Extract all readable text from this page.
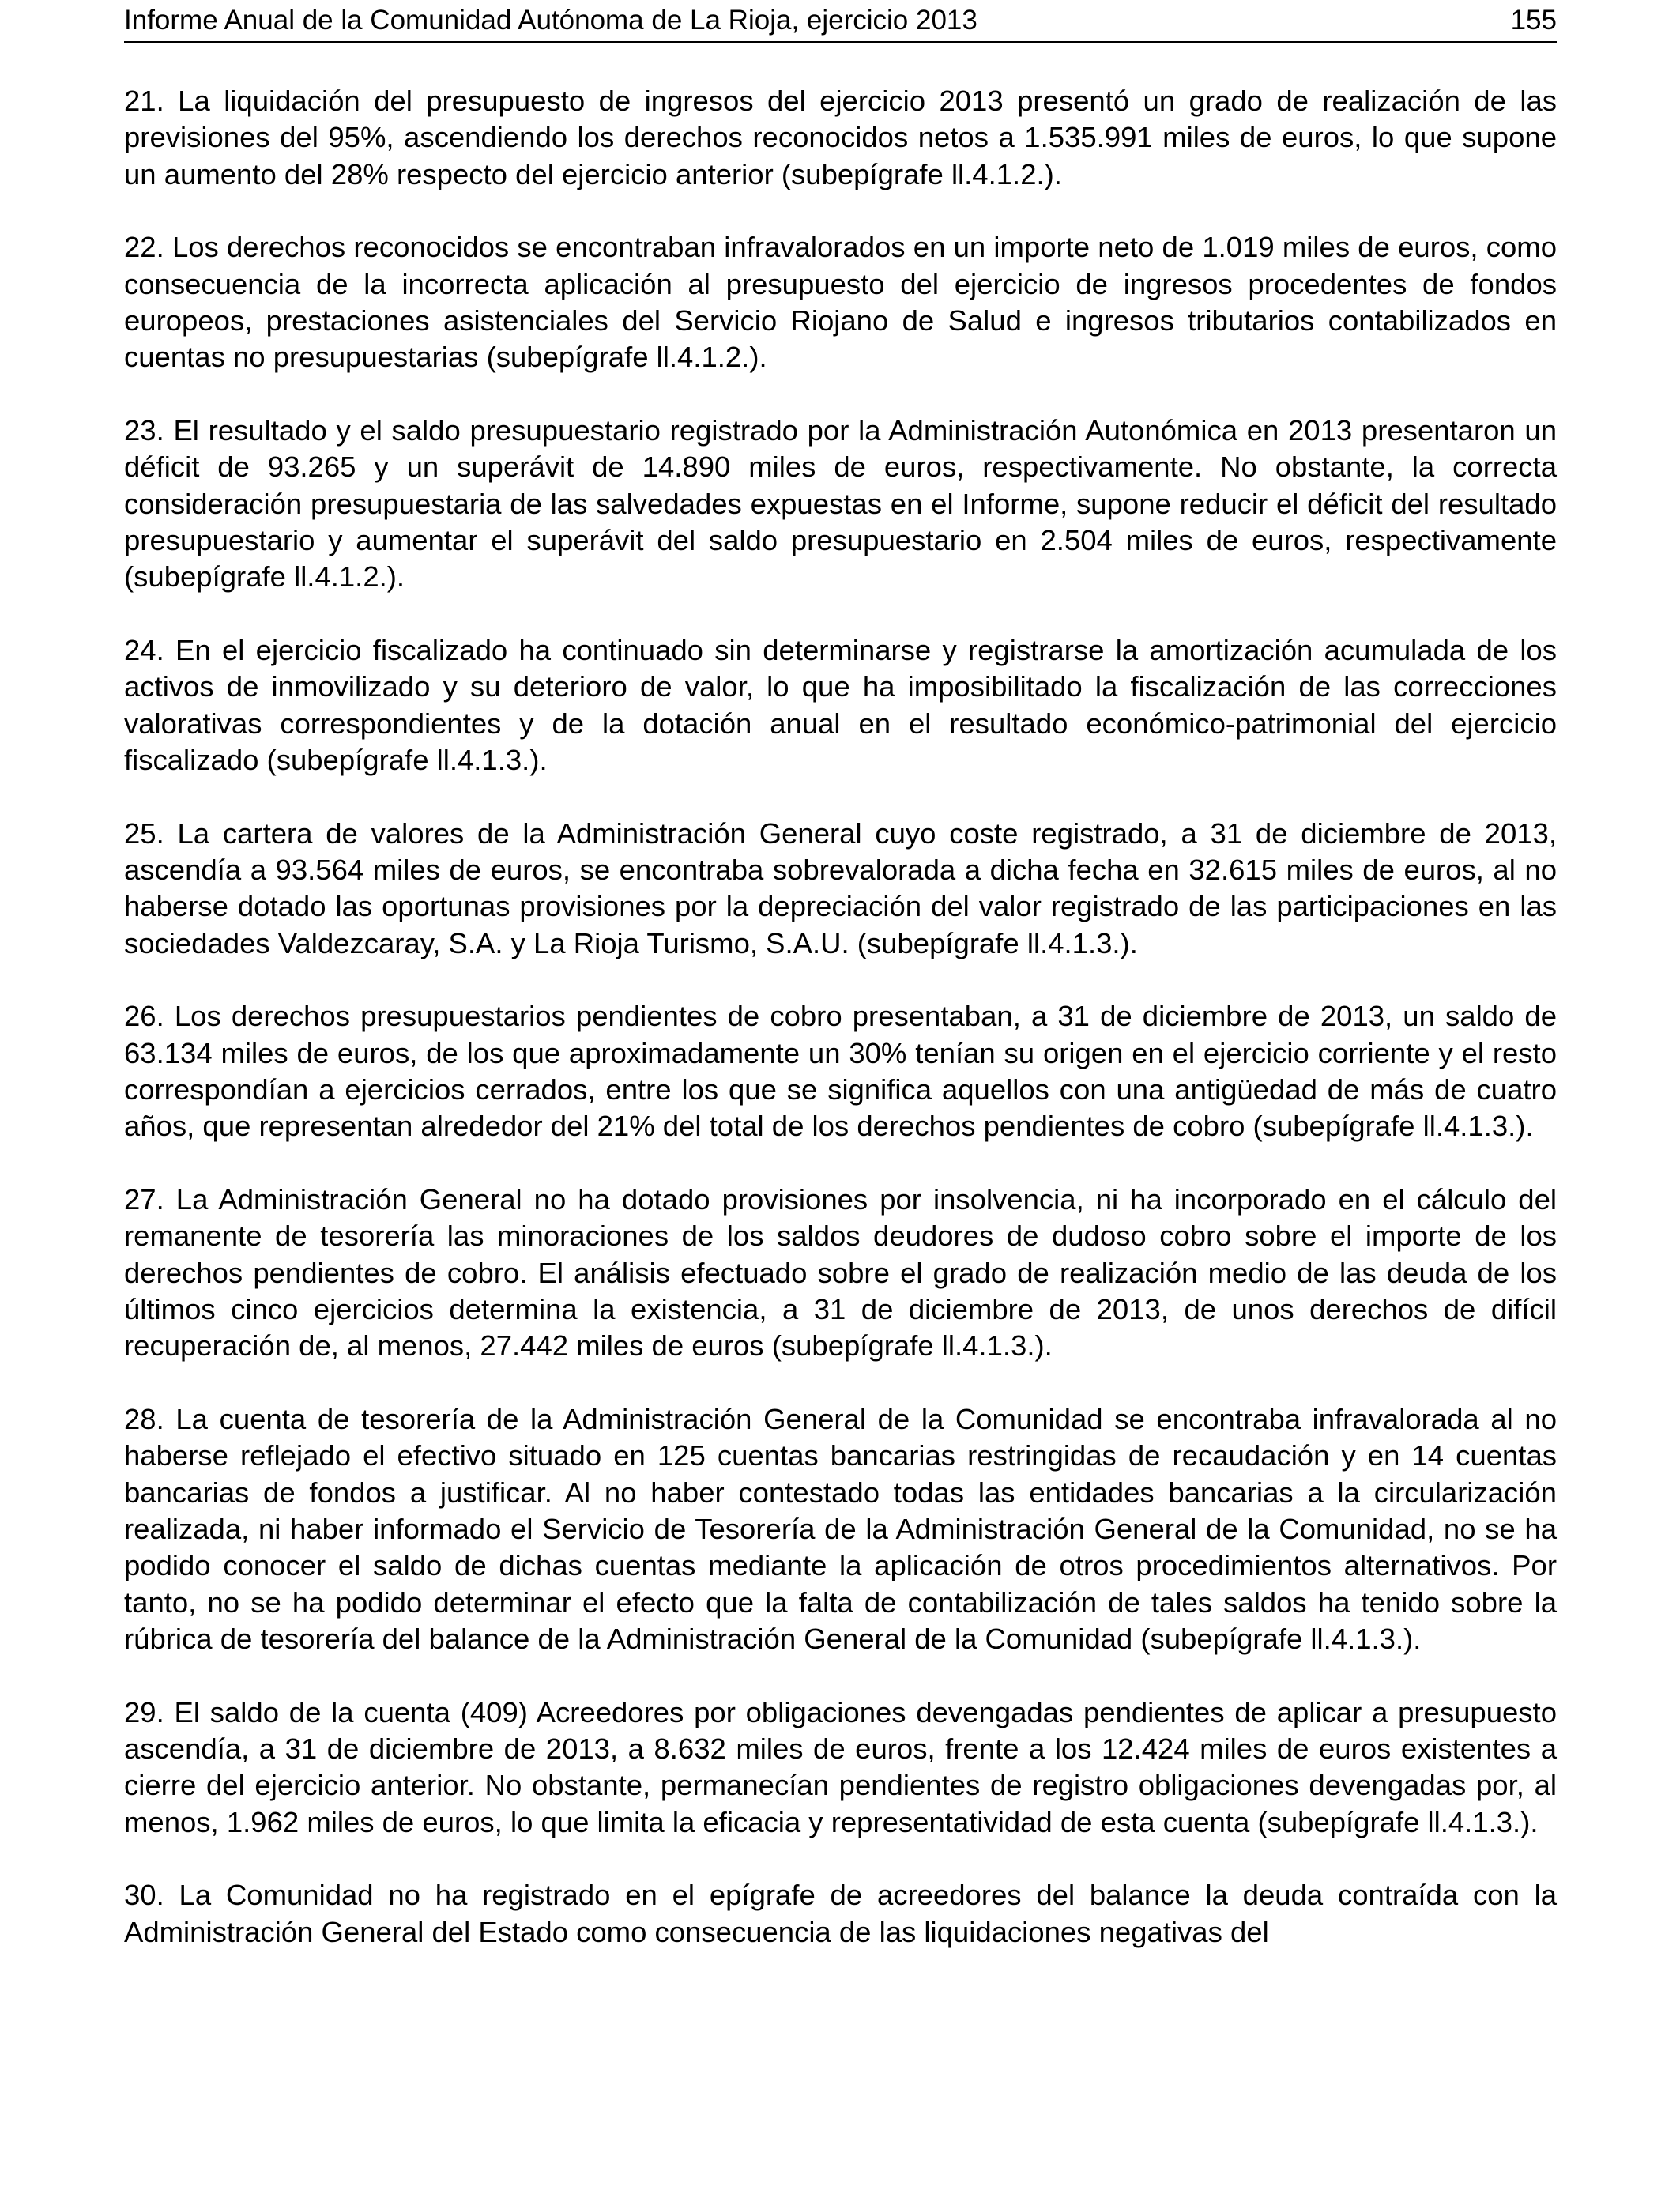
Informe Anual de la Comunidad Autónoma de La Rioja, ejercicio 2013	155

21. La liquidación del presupuesto de ingresos del ejercicio 2013 presentó un grado de realización de las previsiones del 95%, ascendiendo los derechos reconocidos netos a 1.535.991 miles de euros, lo que supone un aumento del 28% respecto del ejercicio anterior (subepígrafe ll.4.1.2.).

22. Los derechos reconocidos se encontraban infravalorados en un importe neto de 1.019 miles de euros, como consecuencia de la incorrecta aplicación al presupuesto del ejercicio de ingresos procedentes de fondos europeos, prestaciones asistenciales del Servicio Riojano de Salud e ingresos tributarios contabilizados en cuentas no presupuestarias (subepígrafe ll.4.1.2.).

23. El resultado y el saldo presupuestario registrado por la Administración Autonómica en 2013 presentaron un déficit de 93.265 y un superávit de 14.890 miles de euros, respectivamente. No obstante, la correcta consideración presupuestaria de las salvedades expuestas en el Informe, supone reducir el déficit del resultado presupuestario y aumentar el superávit del saldo presupuestario en 2.504 miles de euros, respectivamente (subepígrafe ll.4.1.2.).

24. En el ejercicio fiscalizado ha continuado sin determinarse y registrarse la amortización acumulada de los activos de inmovilizado y su deterioro de valor, lo que ha imposibilitado la fiscalización de las correcciones valorativas correspondientes y de la dotación anual en el resultado económico-patrimonial del ejercicio fiscalizado (subepígrafe ll.4.1.3.).

25. La cartera de valores de la Administración General cuyo coste registrado, a 31 de diciembre de 2013, ascendía a 93.564 miles de euros, se encontraba sobrevalorada a dicha fecha en 32.615 miles de euros, al no haberse dotado las oportunas provisiones por la depreciación del valor registrado de las participaciones en las sociedades Valdezcaray, S.A. y La Rioja Turismo, S.A.U. (subepígrafe ll.4.1.3.).

26. Los derechos presupuestarios pendientes de cobro presentaban, a 31 de diciembre de 2013, un saldo de 63.134 miles de euros, de los que aproximadamente un 30% tenían su origen en el ejercicio corriente y el resto correspondían a ejercicios cerrados, entre los que se significa aquellos con una antigüedad de más de cuatro años, que representan alrededor del 21% del total de los derechos pendientes de cobro (subepígrafe ll.4.1.3.).

27. La Administración General no ha dotado provisiones por insolvencia, ni ha incorporado en el cálculo del remanente de tesorería las minoraciones de los saldos deudores de dudoso cobro sobre el importe de los derechos pendientes de cobro. El análisis efectuado sobre el grado de realización medio de las deuda de los últimos cinco ejercicios determina la existencia, a 31 de diciembre de 2013, de unos derechos de difícil recuperación de, al menos, 27.442 miles de euros (subepígrafe ll.4.1.3.).

28. La cuenta de tesorería de la Administración General de la Comunidad se encontraba infravalorada al no haberse reflejado el efectivo situado en 125 cuentas bancarias restringidas de recaudación y en 14 cuentas bancarias de fondos a justificar. Al no haber contestado todas las entidades bancarias a la circularización realizada, ni haber informado el Servicio de Tesorería de la Administración General de la Comunidad, no se ha podido conocer el saldo de dichas cuentas mediante la aplicación de otros procedimientos alternativos. Por tanto, no se ha podido determinar el efecto que la falta de contabilización de tales saldos ha tenido sobre la rúbrica de tesorería del balance de la Administración General de la Comunidad (subepígrafe ll.4.1.3.).

29. El saldo de la cuenta (409) Acreedores por obligaciones devengadas pendientes de aplicar a presupuesto ascendía, a 31 de diciembre de 2013, a 8.632 miles de euros, frente a los 12.424 miles de euros existentes a cierre del ejercicio anterior. No obstante, permanecían pendientes de registro obligaciones devengadas por, al menos, 1.962 miles de euros, lo que limita la eficacia y representatividad de esta cuenta (subepígrafe ll.4.1.3.).

30. La Comunidad no ha registrado en el epígrafe de acreedores del balance la deuda contraída con la Administración General del Estado como consecuencia de las liquidaciones negativas del
